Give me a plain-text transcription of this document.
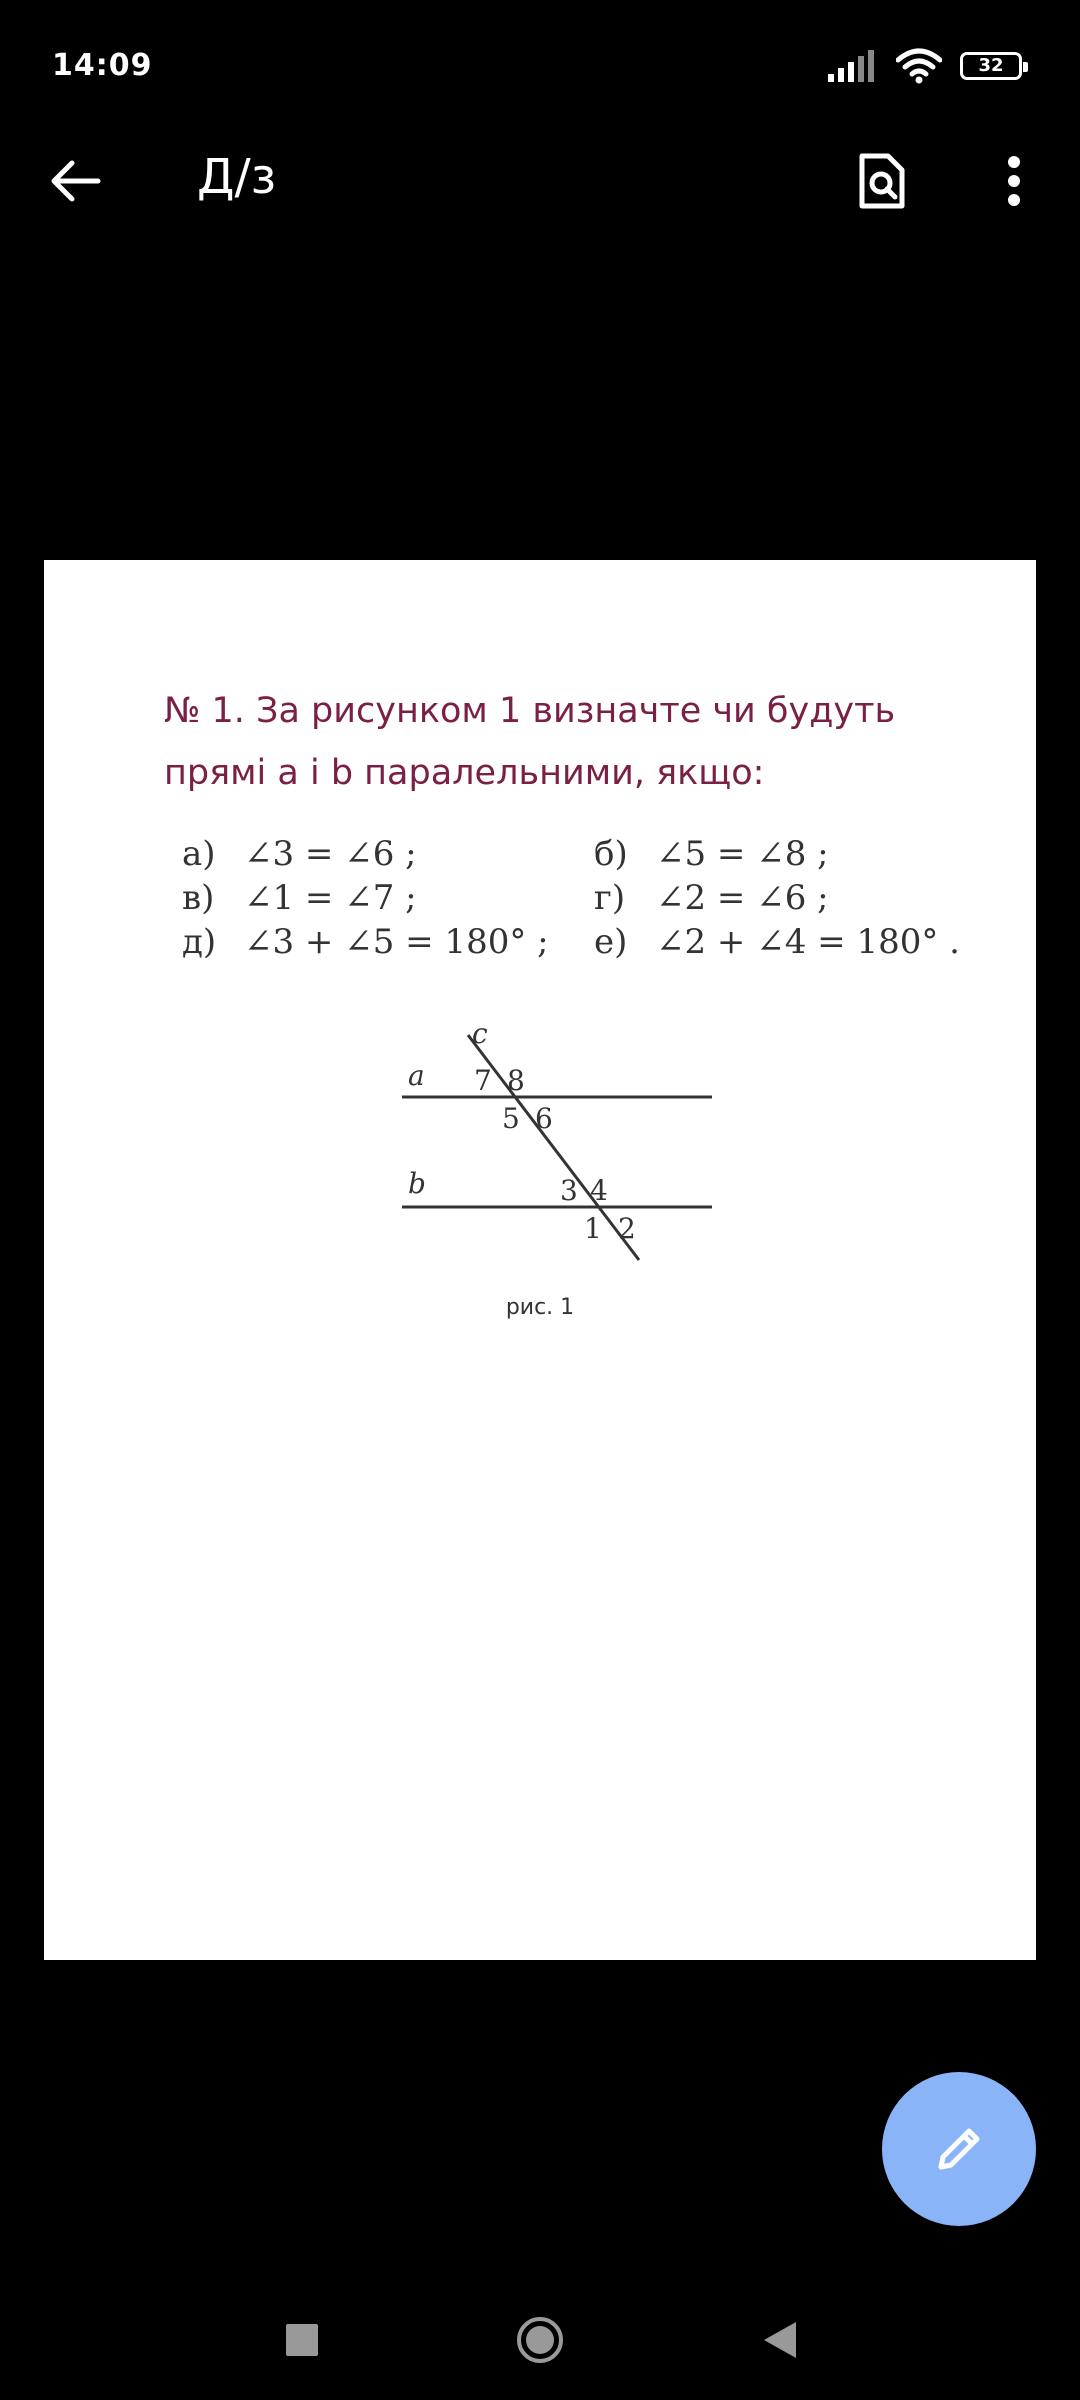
14:09	32
Д/з
№ 1. За рисунком 1 визначте чи будуть
прямі a і b паралельними, якщо:
а) ∠3 = ∠6 ;	б) ∠5 = ∠8 ;
в) ∠1 = ∠7 ;	г) ∠2 = ∠6 ;
д) ∠3 + ∠5 = 180° ; е) ∠2 + ∠4 = 180° .
c
a
b
7 8
5 6
3 4
1 2
рис. 1
